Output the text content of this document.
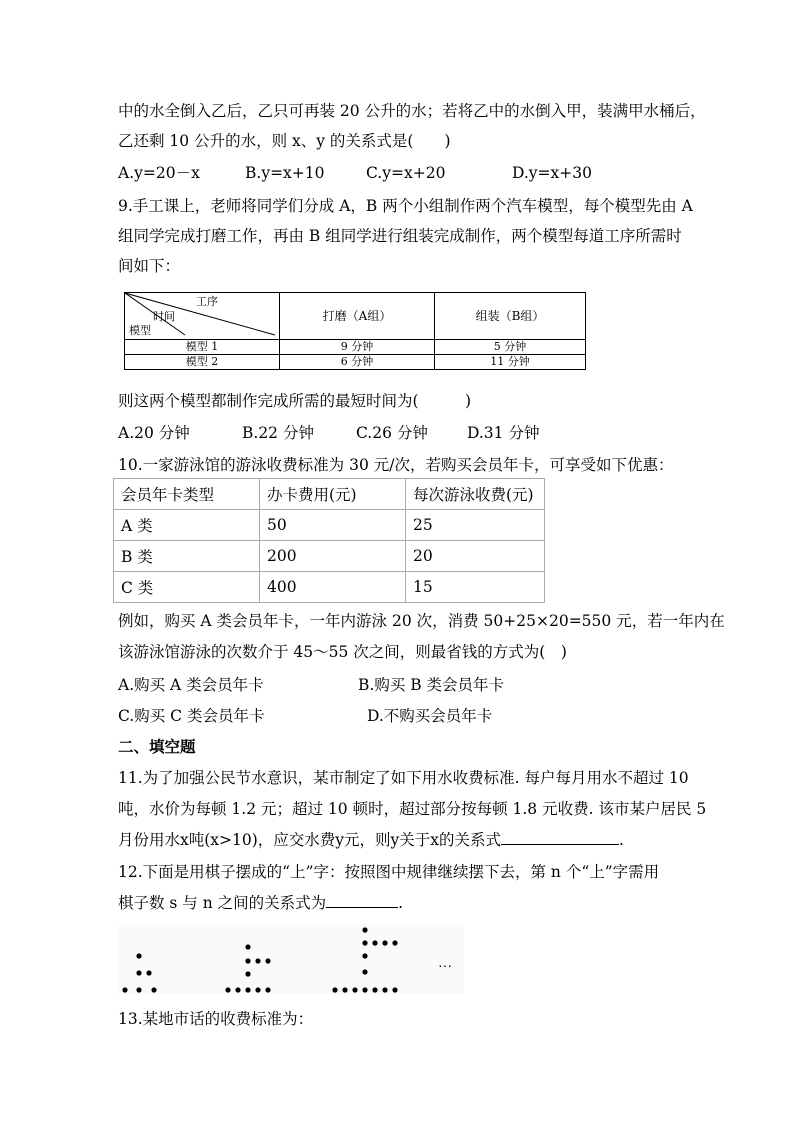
中的水全倒入乙后，乙只可再装 20 公升的水；若将乙中的水倒入甲，装满甲水桶后，
乙还剩 10 公升的水，则 x、y 的关系式是(　　)
A.y=20－x	B.y=x+10	C.y=x+20	D.y=x+30
9.手工课上，老师将同学们分成 A，B 两个小组制作两个汽车模型，每个模型先由 A
组同学完成打磨工作，再由 B 组同学进行组装完成制作，两个模型每道工序所需时
间如下：
工序
时间
模型	打磨（A组）	组装（B组）
模型 1	9 分钟	5 分钟
模型 2	6 分钟	11 分钟
则这两个模型都制作完成所需的最短时间为(　　　)
A.20 分钟	B.22 分钟	C.26 分钟	D.31 分钟
10.一家游泳馆的游泳收费标准为 30 元/次，若购买会员年卡，可享受如下优惠：
会员年卡类型	办卡费用(元)	每次游泳收费(元)
A 类	50	25
B 类	200	20
C 类	400	15
例如，购买 A 类会员年卡，一年内游泳 20 次，消费 50+25×20=550 元，若一年内在
该游泳馆游泳的次数介于 45～55 次之间，则最省钱的方式为(　)
A.购买 A 类会员年卡	B.购买 B 类会员年卡
C.购买 C 类会员年卡	D.不购买会员年卡
二、填空题
11.为了加强公民节水意识，某市制定了如下用水收费标准. 每户每月用水不超过 10
吨，水价为每顿 1.2 元；超过 10 顿时，超过部分按每顿 1.8 元收费. 该市某户居民 5
月份用水x吨(x>10)，应交水费y元，则y关于x的关系式	.
12.下面是用棋子摆成的“上”字：按照图中规律继续摆下去，第 n 个“上”字需用
棋子数 s 与 n 之间的关系式为	.
···
13.某地市话的收费标准为：
